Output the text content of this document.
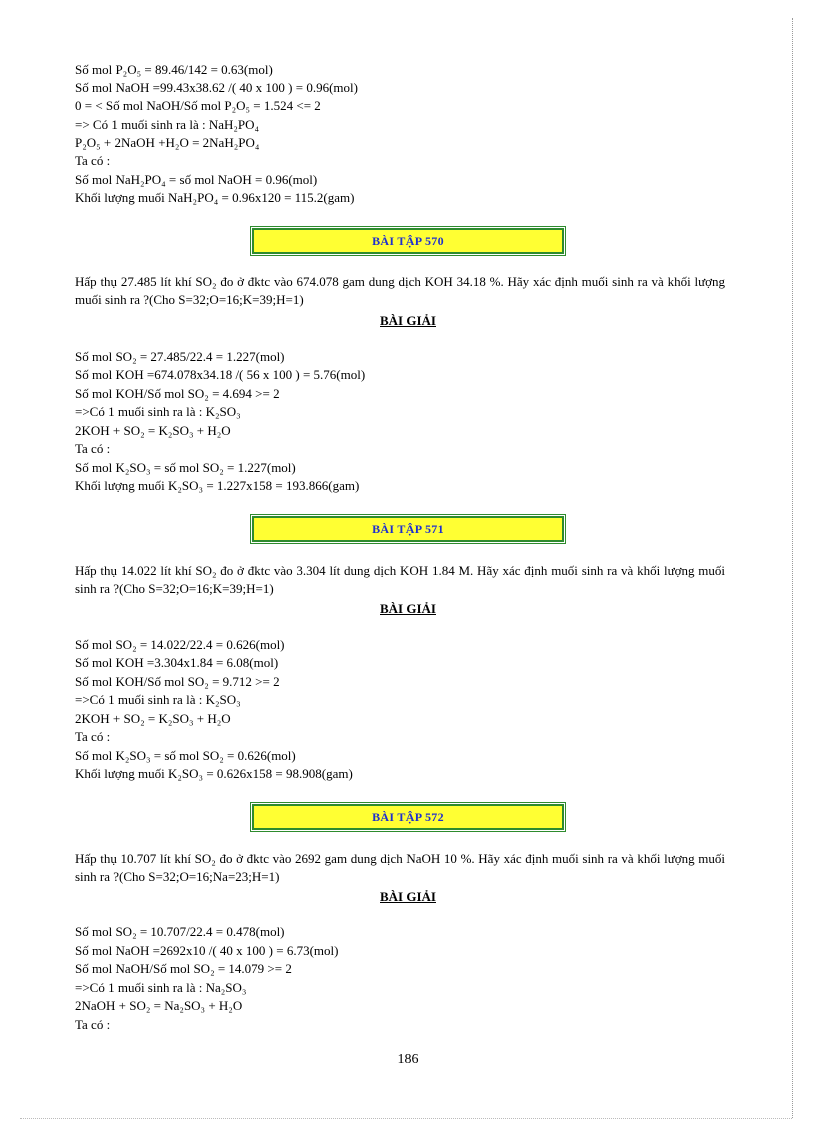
Số mol P₂O₅ = 89.46/142 = 0.63(mol)
Số mol NaOH =99.43x38.62 /( 40 x 100 ) = 0.96(mol)
0 = < Số mol NaOH/Số mol P₂O₅ = 1.524 <= 2
=> Có 1 muối sinh ra là : NaH₂PO₄
P₂O₅ + 2NaOH +H₂O = 2NaH₂PO₄
Ta có :
Số mol NaH₂PO₄ = số mol NaOH = 0.96(mol)
Khối lượng muối NaH₂PO₄ = 0.96x120 = 115.2(gam)
BÀI TẬP 570
Hấp thụ 27.485 lít khí SO₂ đo ở đktc vào 674.078 gam dung dịch KOH 34.18 %. Hãy xác định muối sinh ra và khối lượng muối sinh ra ?(Cho S=32;O=16;K=39;H=1)
BÀI GIẢI
Số mol SO₂ = 27.485/22.4 = 1.227(mol)
Số mol KOH =674.078x34.18 /( 56 x 100 ) = 5.76(mol)
Số mol KOH/Số mol SO₂ = 4.694 >= 2
=>Có 1 muối sinh ra là : K₂SO₃
2KOH + SO₂ = K₂SO₃ + H₂O
Ta có :
Số mol K₂SO₃ = số mol SO₂ = 1.227(mol)
Khối lượng muối K₂SO₃ = 1.227x158 = 193.866(gam)
BÀI TẬP 571
Hấp thụ 14.022 lít khí SO₂ đo ở đktc vào 3.304 lít dung dịch KOH 1.84 M. Hãy xác định muối sinh ra và khối lượng muối sinh ra ?(Cho S=32;O=16;K=39;H=1)
BÀI GIẢI
Số mol SO₂ = 14.022/22.4 = 0.626(mol)
Số mol KOH =3.304x1.84 = 6.08(mol)
Số mol KOH/Số mol SO₂ = 9.712 >= 2
=>Có 1 muối sinh ra là : K₂SO₃
2KOH + SO₂ = K₂SO₃ + H₂O
Ta có :
Số mol K₂SO₃ = số mol SO₂ = 0.626(mol)
Khối lượng muối K₂SO₃ = 0.626x158 = 98.908(gam)
BÀI TẬP 572
Hấp thụ 10.707 lít khí SO₂ đo ở đktc vào 2692 gam dung dịch NaOH 10 %. Hãy xác định muối sinh ra và khối lượng muối sinh ra ?(Cho S=32;O=16;Na=23;H=1)
BÀI GIẢI
Số mol SO₂ = 10.707/22.4 = 0.478(mol)
Số mol NaOH =2692x10 /( 40 x 100 ) = 6.73(mol)
Số mol NaOH/Số mol SO₂ = 14.079 >= 2
=>Có 1 muối sinh ra là : Na₂SO₃
2NaOH + SO₂ = Na₂SO₃ + H₂O
Ta có :
186
